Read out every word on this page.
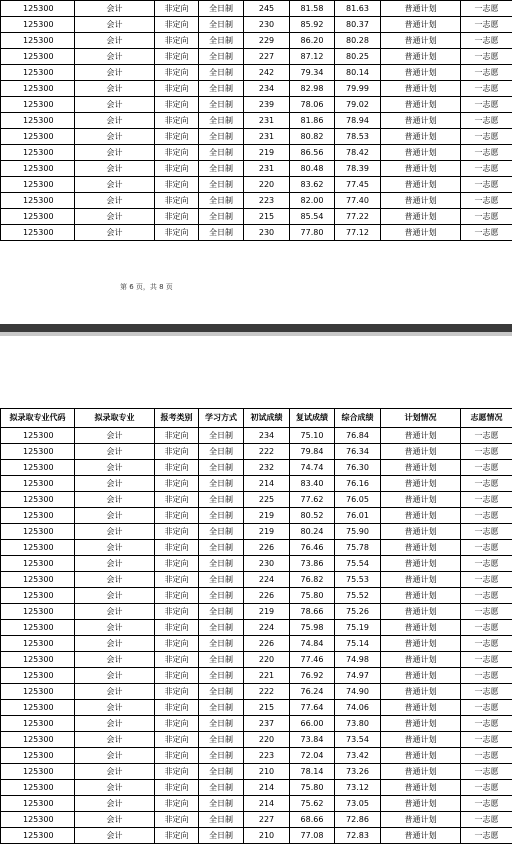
125300	会计	非定向	全日制	245	81.58	81.63	普通计划	一志愿
125300	会计	非定向	全日制	230	85.92	80.37	普通计划	一志愿
125300	会计	非定向	全日制	229	86.20	80.28	普通计划	一志愿
125300	会计	非定向	全日制	227	87.12	80.25	普通计划	一志愿
125300	会计	非定向	全日制	242	79.34	80.14	普通计划	一志愿
125300	会计	非定向	全日制	234	82.98	79.99	普通计划	一志愿
125300	会计	非定向	全日制	239	78.06	79.02	普通计划	一志愿
125300	会计	非定向	全日制	231	81.86	78.94	普通计划	一志愿
125300	会计	非定向	全日制	231	80.82	78.53	普通计划	一志愿
125300	会计	非定向	全日制	219	86.56	78.42	普通计划	一志愿
125300	会计	非定向	全日制	231	80.48	78.39	普通计划	一志愿
125300	会计	非定向	全日制	220	83.62	77.45	普通计划	一志愿
125300	会计	非定向	全日制	223	82.00	77.40	普通计划	一志愿
125300	会计	非定向	全日制	215	85.54	77.22	普通计划	一志愿
125300	会计	非定向	全日制	230	77.80	77.12	普通计划	一志愿
第 6 页，共 8 页
拟录取专业代码	拟录取专业	报考类别	学习方式	初试成绩	复试成绩	综合成绩	计划情况	志愿情况
125300	会计	非定向	全日制	234	75.10	76.84	普通计划	一志愿
125300	会计	非定向	全日制	222	79.84	76.34	普通计划	一志愿
125300	会计	非定向	全日制	232	74.74	76.30	普通计划	一志愿
125300	会计	非定向	全日制	214	83.40	76.16	普通计划	一志愿
125300	会计	非定向	全日制	225	77.62	76.05	普通计划	一志愿
125300	会计	非定向	全日制	219	80.52	76.01	普通计划	一志愿
125300	会计	非定向	全日制	219	80.24	75.90	普通计划	一志愿
125300	会计	非定向	全日制	226	76.46	75.78	普通计划	一志愿
125300	会计	非定向	全日制	230	73.86	75.54	普通计划	一志愿
125300	会计	非定向	全日制	224	76.82	75.53	普通计划	一志愿
125300	会计	非定向	全日制	226	75.80	75.52	普通计划	一志愿
125300	会计	非定向	全日制	219	78.66	75.26	普通计划	一志愿
125300	会计	非定向	全日制	224	75.98	75.19	普通计划	一志愿
125300	会计	非定向	全日制	226	74.84	75.14	普通计划	一志愿
125300	会计	非定向	全日制	220	77.46	74.98	普通计划	一志愿
125300	会计	非定向	全日制	221	76.92	74.97	普通计划	一志愿
125300	会计	非定向	全日制	222	76.24	74.90	普通计划	一志愿
125300	会计	非定向	全日制	215	77.64	74.06	普通计划	一志愿
125300	会计	非定向	全日制	237	66.00	73.80	普通计划	一志愿
125300	会计	非定向	全日制	220	73.84	73.54	普通计划	一志愿
125300	会计	非定向	全日制	223	72.04	73.42	普通计划	一志愿
125300	会计	非定向	全日制	210	78.14	73.26	普通计划	一志愿
125300	会计	非定向	全日制	214	75.80	73.12	普通计划	一志愿
125300	会计	非定向	全日制	214	75.62	73.05	普通计划	一志愿
125300	会计	非定向	全日制	227	68.66	72.86	普通计划	一志愿
125300	会计	非定向	全日制	210	77.08	72.83	普通计划	一志愿
